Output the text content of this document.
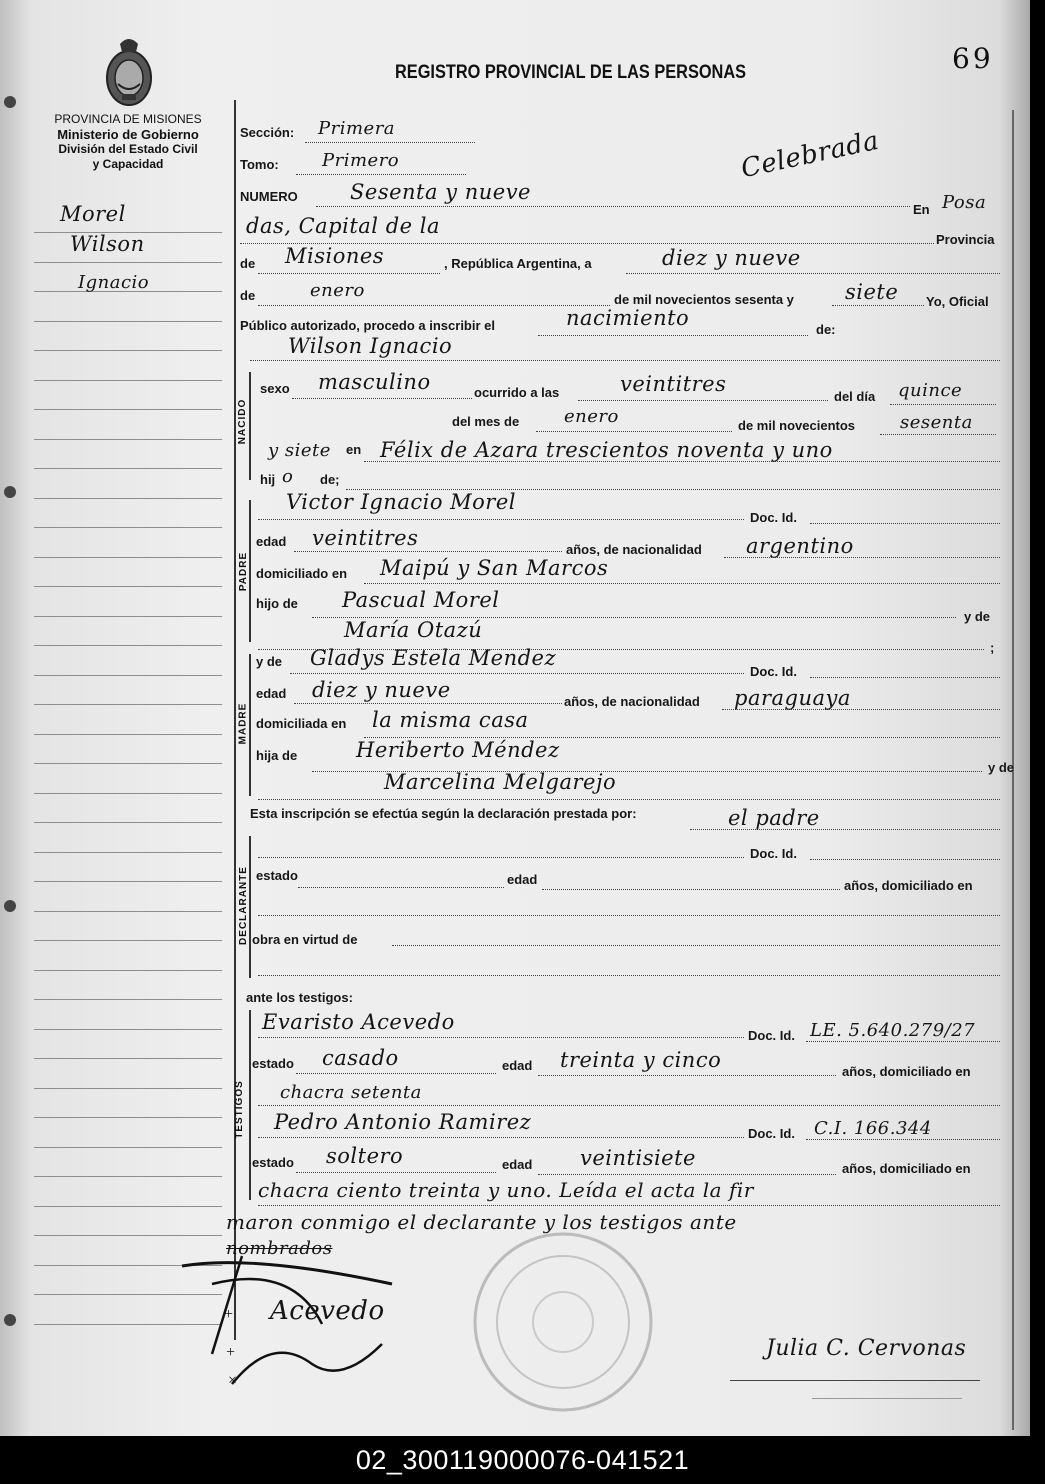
69
REGISTRO PROVINCIAL DE LAS PERSONAS
Celebrada
PROVINCIA DE MISIONES
Ministerio de Gobierno
División del Estado Civil
y Capacidad
Morel
Wilson
Ignacio
NACIDO
PADRE
MADRE
DECLARANTE
TESTIGOS
Sección: Primera
Tomo: Primero
NUMERO Sesenta y nueve
En Posa
das, Capital de la
Provincia
de Misiones	, República Argentina, a	diez y nueve
de	enero	de mil novecientos sesenta y siete Yo, Oficial
Público autorizado, procedo a inscribir el	nacimiento	de:
Wilson Ignacio
sexo masculino	ocurrido a las	veintitres
del día quince
del mes de enero	de mil novecientos sesenta
y siete en Félix de Azara trescientos noventa y uno
hij o de;
Victor Ignacio Morel
Doc. Id.
edad veintitres	años, de nacionalidad argentino
domiciliado en Maipú y San Marcos
hijo de Pascual Morel
y de
María Otazú
;
y de Gladys Estela Mendez
Doc. Id.
edad diez y nueve	años, de nacionalidad paraguaya
domiciliada en la misma casa
hija de	Heriberto Méndez
y de
Marcelina Melgarejo
Esta inscripción se efectúa según la declaración prestada por:	el padre
Doc. Id.
estado	edad	años, domiciliado en
obra en virtud de
ante los testigos:
Evaristo Acevedo
Doc. Id. LE. 5.640.279/27
estado casado	edad treinta y cinco	años, domiciliado en
chacra setenta
Pedro Antonio Ramirez	Doc. Id. C.I. 166.344
estado soltero	edad veintisiete	años, domiciliado en
chacra ciento treinta y uno. Leída el acta la fir
maron conmigo el declarante y los testigos ante
nombrados
Acevedo
+
+
×
Julia C. Cervonas
02_300119000076-041521
